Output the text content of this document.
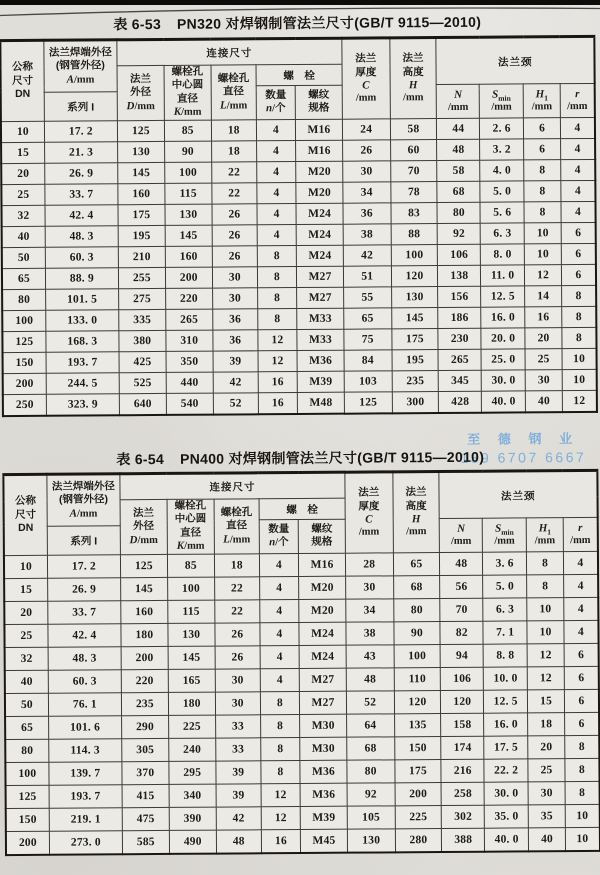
表 6-53 PN320 对焊钢制管法兰尺寸(GB/T 9115—2010)
公称
尺寸
DN

法兰焊端外径
(钢管外径)
A/mm
	连接尺寸	法兰
厚度
C
/mm

法兰
高度
H
/mm
	法兰颈

法兰
外径
D/mm

螺栓孔
中心圆
直径
K/mm

螺栓孔
直径
L/mm
	螺　栓

数量
n/个

螺纹
规格

N
/mm

$S_{min}$
/mm

$H_1$
/mm

r
/mm

	系列 I											
10	17. 2	125	85	18	4	M16	24	58	44	2. 6	6	4
15	21. 3	130	90	18	4	M16	26	60	48	3. 2	6	4
20	26. 9	145	100	22	4	M20	30	70	58	4. 0	8	4
25	33. 7	160	115	22	4	M20	34	78	68	5. 0	8	4
32	42. 4	175	130	26	4	M24	36	83	80	5. 6	8	4
40	48. 3	195	145	26	4	M24	38	88	92	6. 3	10	6
50	60. 3	210	160	26	8	M24	42	100	106	8. 0	10	6
65	88. 9	255	200	30	8	M27	51	120	138	11. 0	12	6
80	101. 5	275	220	30	8	M27	55	130	156	12. 5	14	8
100	133. 0	335	265	36	8	M33	65	145	186	16. 0	16	8
125	168. 3	380	310	36	12	M33	75	175	230	20. 0	20	8
150	193. 7	425	350	39	12	M36	84	195	265	25. 0	25	10
200	244. 5	525	440	42	16	M39	103	235	345	30. 0	30	10
250	323. 9	640	540	52	16	M48	125	300	428	40. 0	40	12
至 德 钢 业
139 6707 6667
表 6-54 PN400 对焊钢制管法兰尺寸(GB/T 9115—2010)
公称
尺寸
DN

法兰焊端外径
(钢管外径)
A/mm
	连接尺寸	法兰
厚度
C
/mm

法兰
高度
H
/mm
	法兰颈

法兰
外径
D/mm

螺栓孔
中心圆
直径
K/mm

螺栓孔
直径
L/mm
	螺　栓

数量
n/个

螺纹
规格

N
/mm

$S_{min}$
/mm

$H_1$
/mm

r
/mm

	系列 I											
10	17. 2	125	85	18	4	M16	28	65	48	3. 6	8	4
15	26. 9	145	100	22	4	M20	30	68	56	5. 0	8	4
20	33. 7	160	115	22	4	M20	34	80	70	6. 3	10	4
25	42. 4	180	130	26	4	M24	38	90	82	7. 1	10	4
32	48. 3	200	145	26	4	M24	43	100	94	8. 8	12	6
40	60. 3	220	165	30	4	M27	48	110	106	10. 0	12	6
50	76. 1	235	180	30	8	M27	52	120	120	12. 5	15	6
65	101. 6	290	225	33	8	M30	64	135	158	16. 0	18	6
80	114. 3	305	240	33	8	M30	68	150	174	17. 5	20	8
100	139. 7	370	295	39	8	M36	80	175	216	22. 2	25	8
125	193. 7	415	340	39	12	M36	92	200	258	30. 0	30	8
150	219. 1	475	390	42	12	M39	105	225	302	35. 0	35	10
200	273. 0	585	490	48	16	M45	130	280	388	40. 0	40	10
